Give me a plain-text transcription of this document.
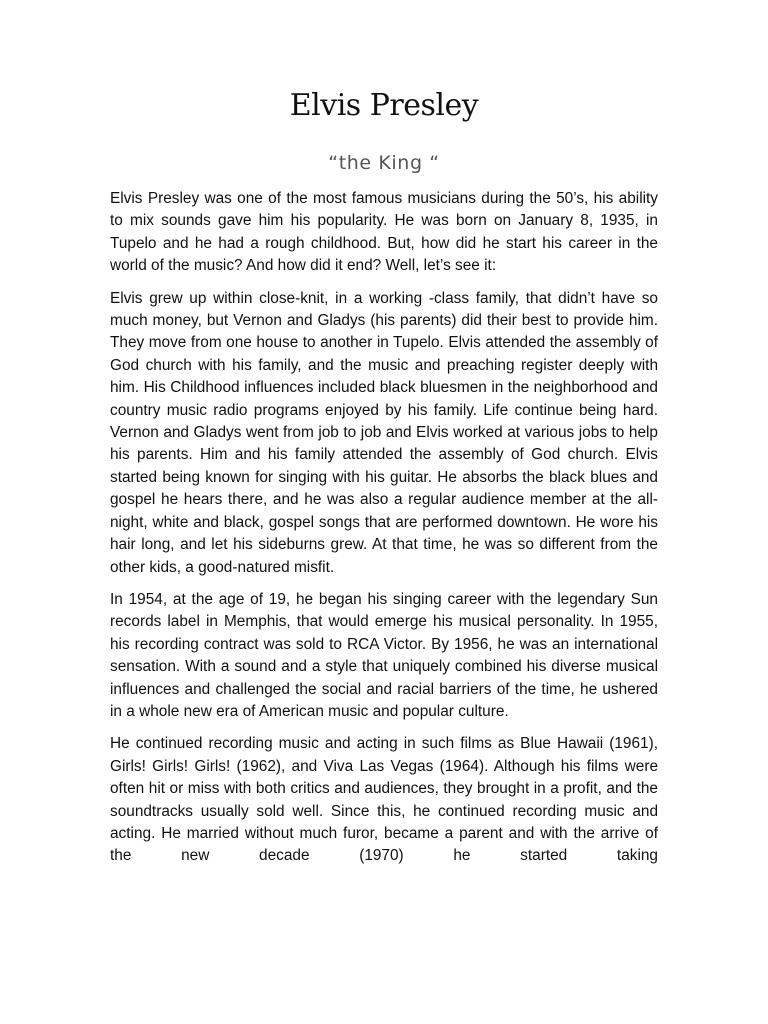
Elvis Presley
“the King “

Elvis Presley was one of the most famous musicians during the 50’s, his ability to mix sounds gave him his popularity. He was born on January 8, 1935, in Tupelo and he had a rough childhood. But, how did he start his career in the world of the music? And how did it end? Well, let’s see it:

Elvis grew up within close-knit, in a working -class family, that didn’t have so much money, but Vernon and Gladys (his parents) did their best to provide him. They move from one house to another in Tupelo. Elvis attended the assembly of God church with his family, and the music and preaching register deeply with him. His Childhood influences included black bluesmen in the neighborhood and country music radio programs enjoyed by his family. Life continue being hard. Vernon and Gladys went from job to job and Elvis worked at various jobs to help his parents. Him and his family attended the assembly of God church. Elvis started being known for singing with his guitar. He absorbs the black blues and gospel he hears there, and he was also a regular audience member at the all-night, white and black, gospel songs that are performed downtown. He wore his hair long, and let his sideburns grew. At that time, he was so different from the other kids, a good-natured misfit.

In 1954, at the age of 19, he began his singing career with the legendary Sun records label in Memphis, that would emerge his musical personality. In 1955, his recording contract was sold to RCA Victor. By 1956, he was an international sensation. With a sound and a style that uniquely combined his diverse musical influences and challenged the social and racial barriers of the time, he ushered in a whole new era of American music and popular culture.

He continued recording music and acting in such films as Blue Hawaii (1961), Girls! Girls! Girls! (1962), and Viva Las Vegas (1964). Although his films were often hit or miss with both critics and audiences, they brought in a profit, and the soundtracks usually sold well. Since this, he continued recording music and acting. He married without much furor, became a parent and with the arrive of the new decade (1970) he started taking
